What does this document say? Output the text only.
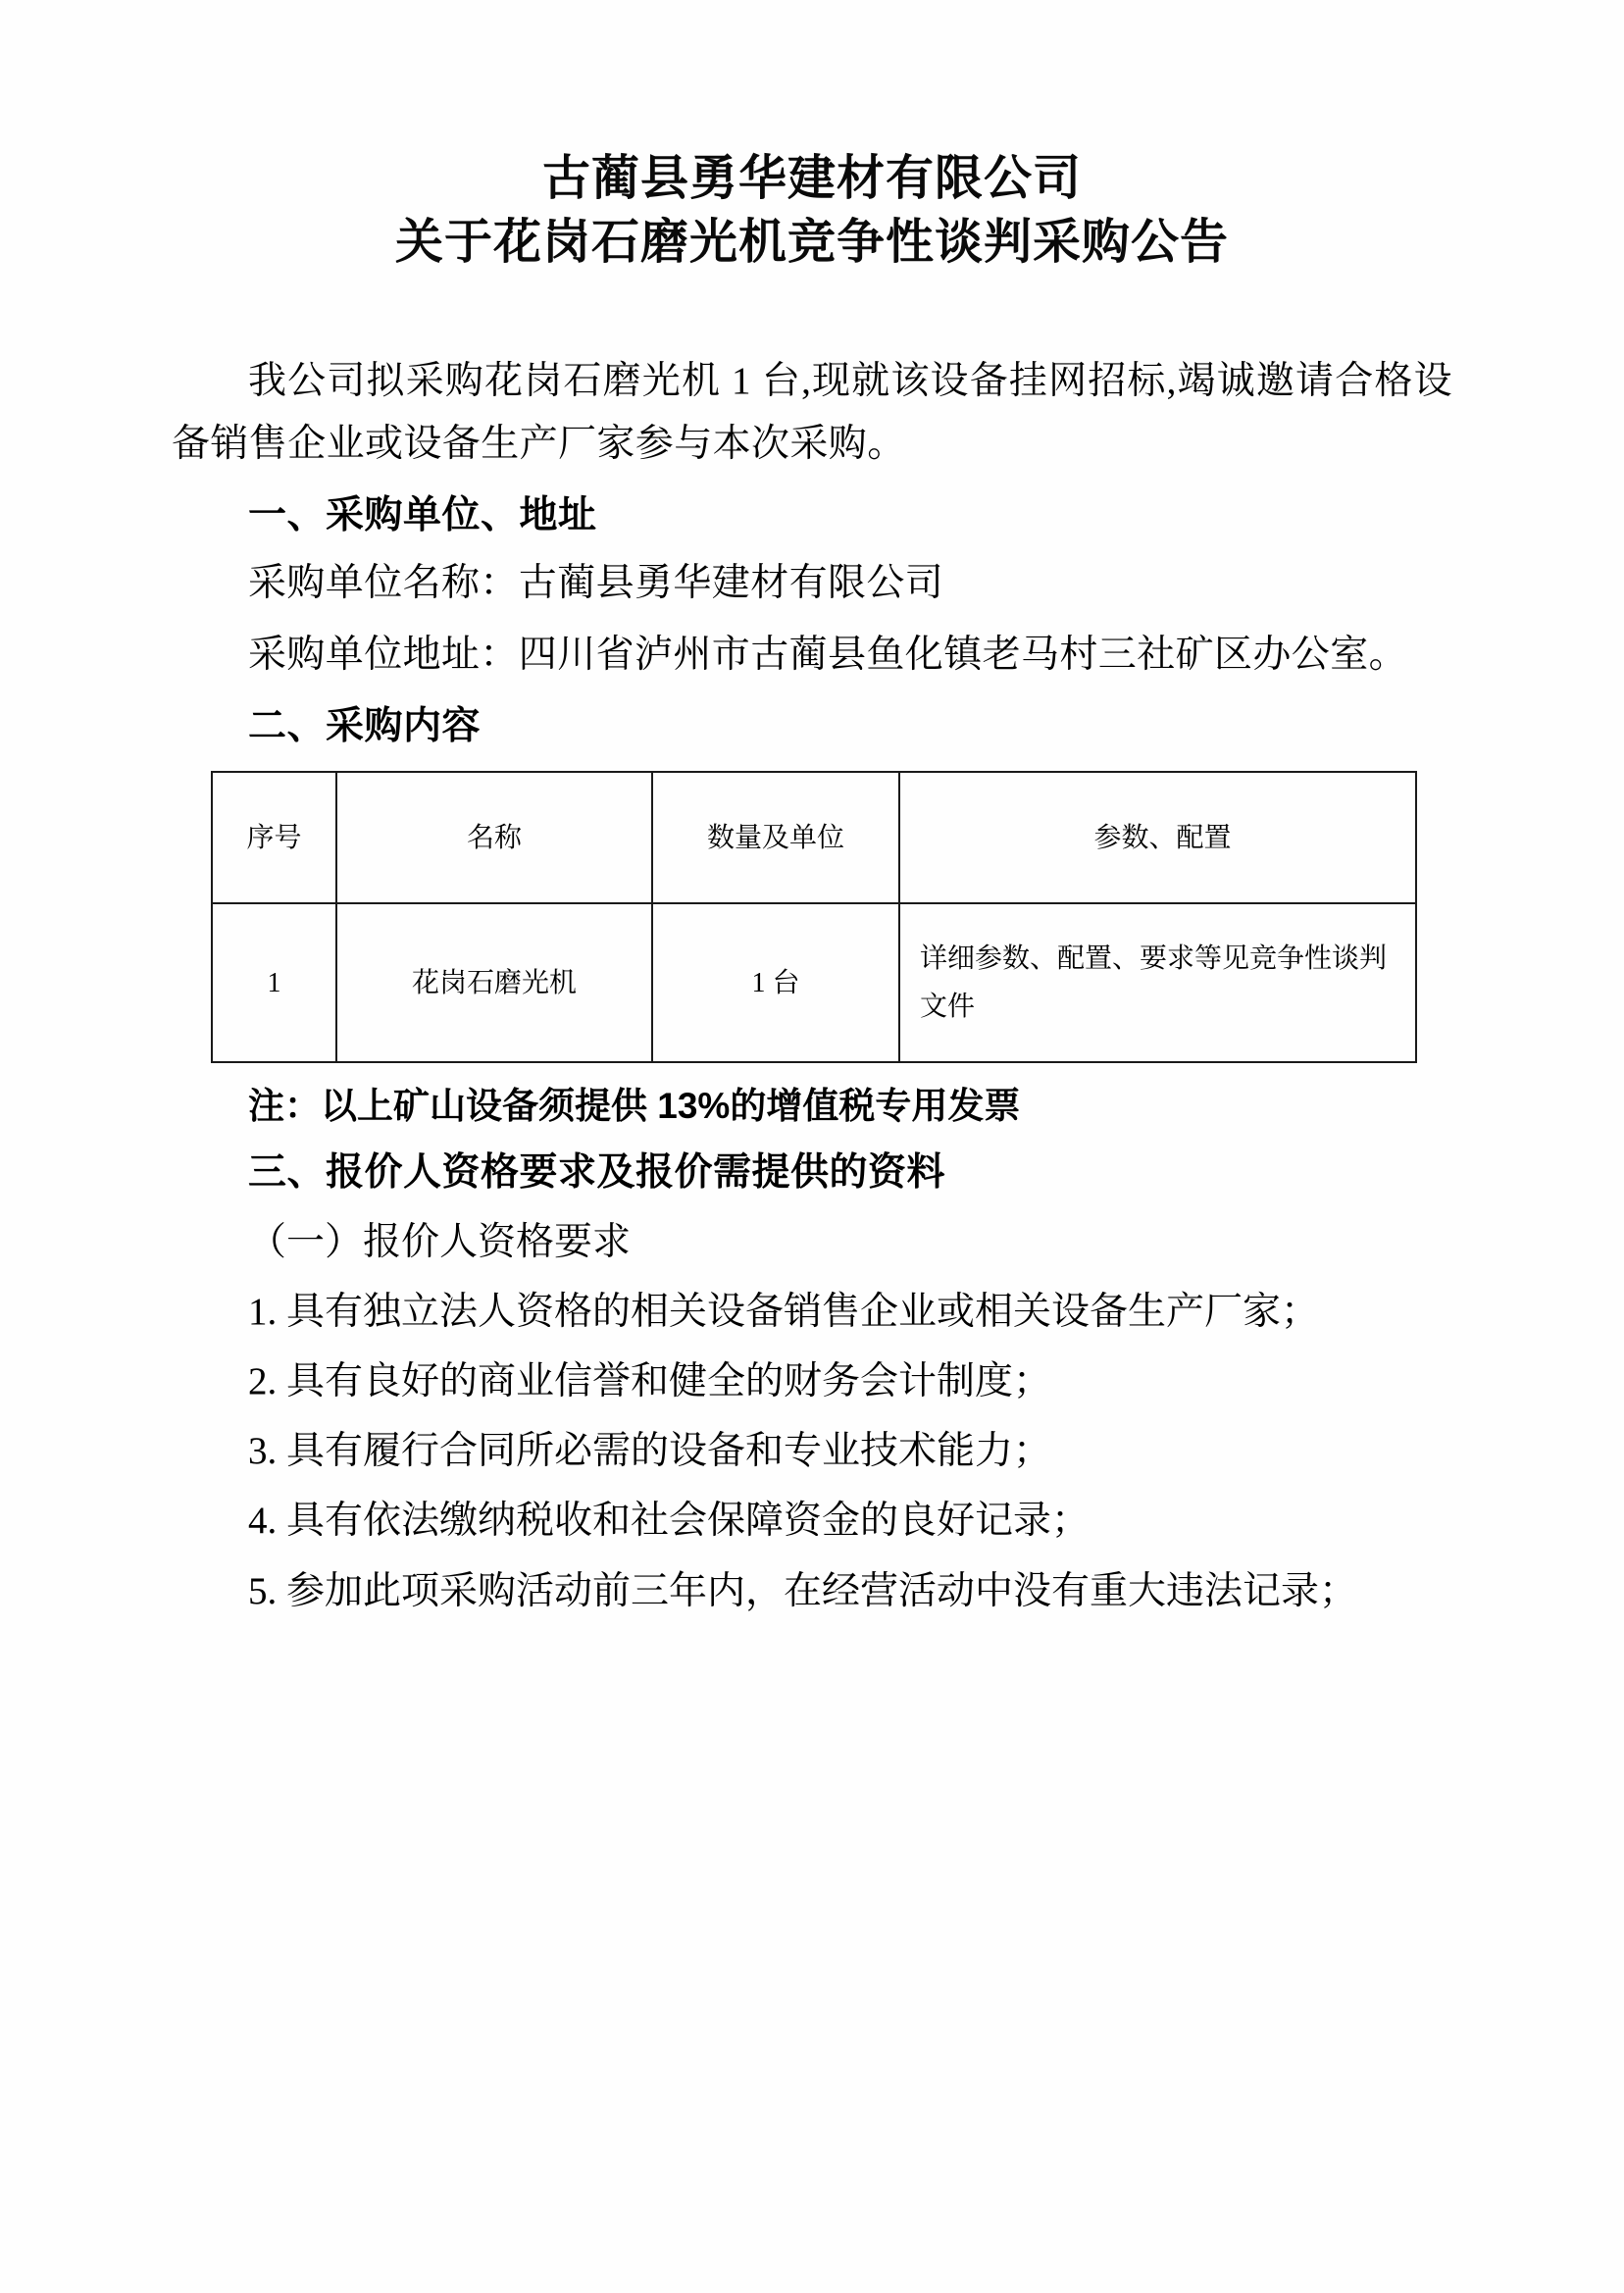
古蔺县勇华建材有限公司
关于花岗石磨光机竞争性谈判采购公告

我公司拟采购花岗石磨光机 1 台,现就该设备挂网招标,竭诚邀请合格设备销售企业或设备生产厂家参与本次采购。

一、采购单位、地址

采购单位名称：古蔺县勇华建材有限公司

采购单位地址：四川省泸州市古蔺县鱼化镇老马村三社矿区办公室。

二、采购内容
序号	名称	数量及单位	参数、配置
1	花岗石磨光机	1 台	详细参数、配置、要求等见竞争性谈判文件
注：以上矿山设备须提供 13%的增值税专用发票
三、报价人资格要求及报价需提供的资料
（一）报价人资格要求

1. 具有独立法人资格的相关设备销售企业或相关设备生产厂家；

2. 具有良好的商业信誉和健全的财务会计制度；

3. 具有履行合同所必需的设备和专业技术能力；

4. 具有依法缴纳税收和社会保障资金的良好记录；

5. 参加此项采购活动前三年内，在经营活动中没有重大违法记录；
